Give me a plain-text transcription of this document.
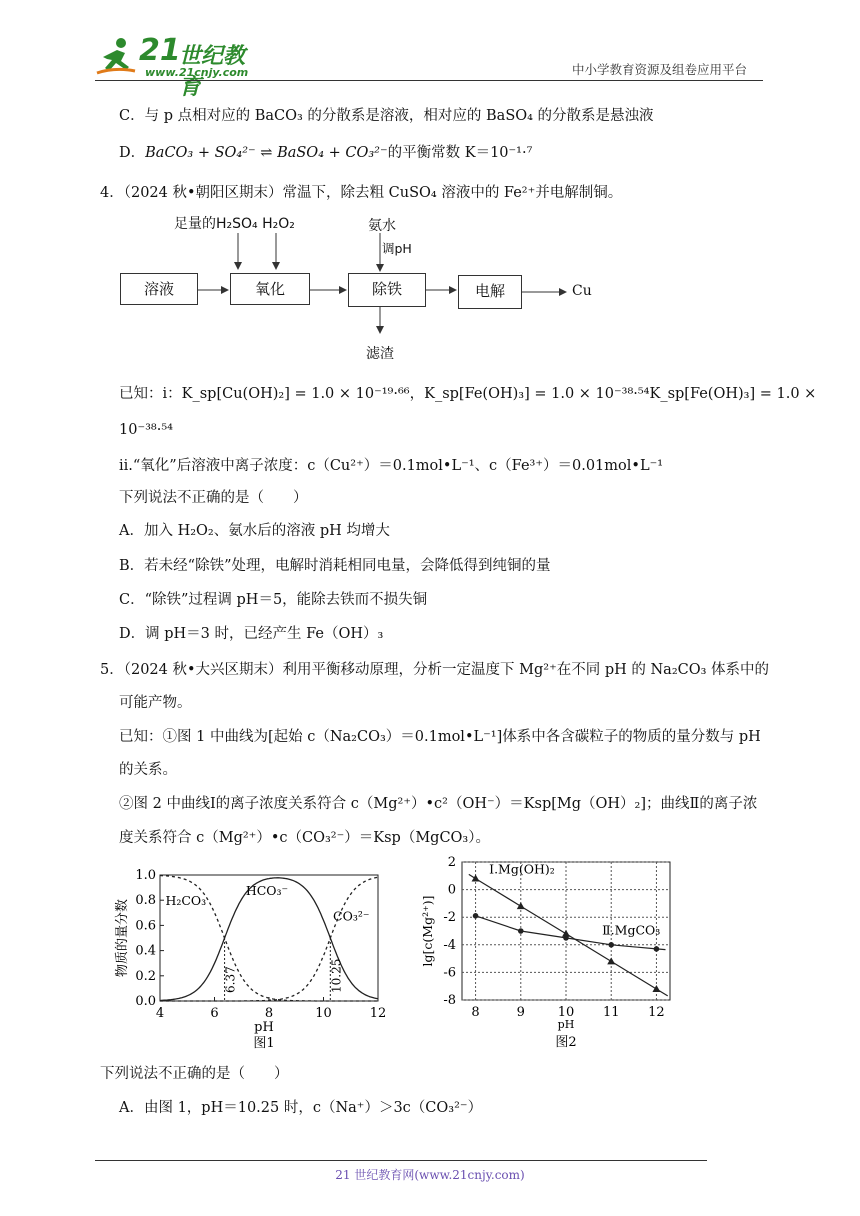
21
世纪教育
www.21cnjy.com	中小学教育资源及组卷应用平台
C．与 p 点相对应的 BaCO₃ 的分散系是溶液，相对应的 BaSO₄ 的分散系是悬浊液
D．BaCO₃ + SO₄²⁻ ⇌ BaSO₄ + CO₃²⁻的平衡常数 K＝10⁻¹·⁷
4．（2024 秋•朝阳区期末）常温下，除去粗 CuSO₄ 溶液中的 Fe²⁺并电解制铜。
足量的H₂SO₄ H₂O₂	氨水
调pH
溶液	氧化	除铁	电解	Cu
滤渣
已知：ⅰ：K_sp[Cu(OH)₂] = 1.0 × 10⁻¹⁹·⁶⁶，K_sp[Fe(OH)₃] = 1.0 × 10⁻³⁸·⁵⁴K_sp[Fe(OH)₃] = 1.0 ×
10⁻³⁸·⁵⁴
ⅱ.“氧化”后溶液中离子浓度：c（Cu²⁺）＝0.1mol•L⁻¹、c（Fe³⁺）＝0.01mol•L⁻¹
下列说法不正确的是（　　）
A．加入 H₂O₂、氨水后的溶液 pH 均增大
B．若未经“除铁”处理，电解时消耗相同电量，会降低得到纯铜的量
C．“除铁”过程调 pH＝5，能除去铁而不损失铜
D．调 pH＝3 时，已经产生 Fe（OH）₃
5．（2024 秋•大兴区期末）利用平衡移动原理，分析一定温度下 Mg²⁺在不同 pH 的 Na₂CO₃ 体系中的
可能产物。
已知：①图 1 中曲线为[起始 c（Na₂CO₃）＝0.1mol•L⁻¹]体系中各含碳粒子的物质的量分数与 pH
的关系。
②图 2 中曲线Ⅰ的离子浓度关系符合 c（Mg²⁺）•c²（OH⁻）＝Ksp[Mg（OH）₂]；曲线Ⅱ的离子浓
度关系符合 c（Mg²⁺）•c（CO₃²⁻）＝Ksp（MgCO₃）。
4	6	8	10	12
0.0
0.2
0.4
0.6
0.8
1.0
6.37	10.25
H₂CO₃
HCO₃⁻
CO₃²⁻
物质的量分数
pH
图1
8	9	10 11 12
2
0
-2
-4
-6
-8
Ⅰ.Mg(OH)₂
Ⅱ.MgCO₃
lg[c(Mg²⁺)]
pH
图2
下列说法不正确的是（　　）
A．由图 1，pH＝10.25 时，c（Na⁺）＞3c（CO₃²⁻）
21 世纪教育网(www.21cnjy.com)
